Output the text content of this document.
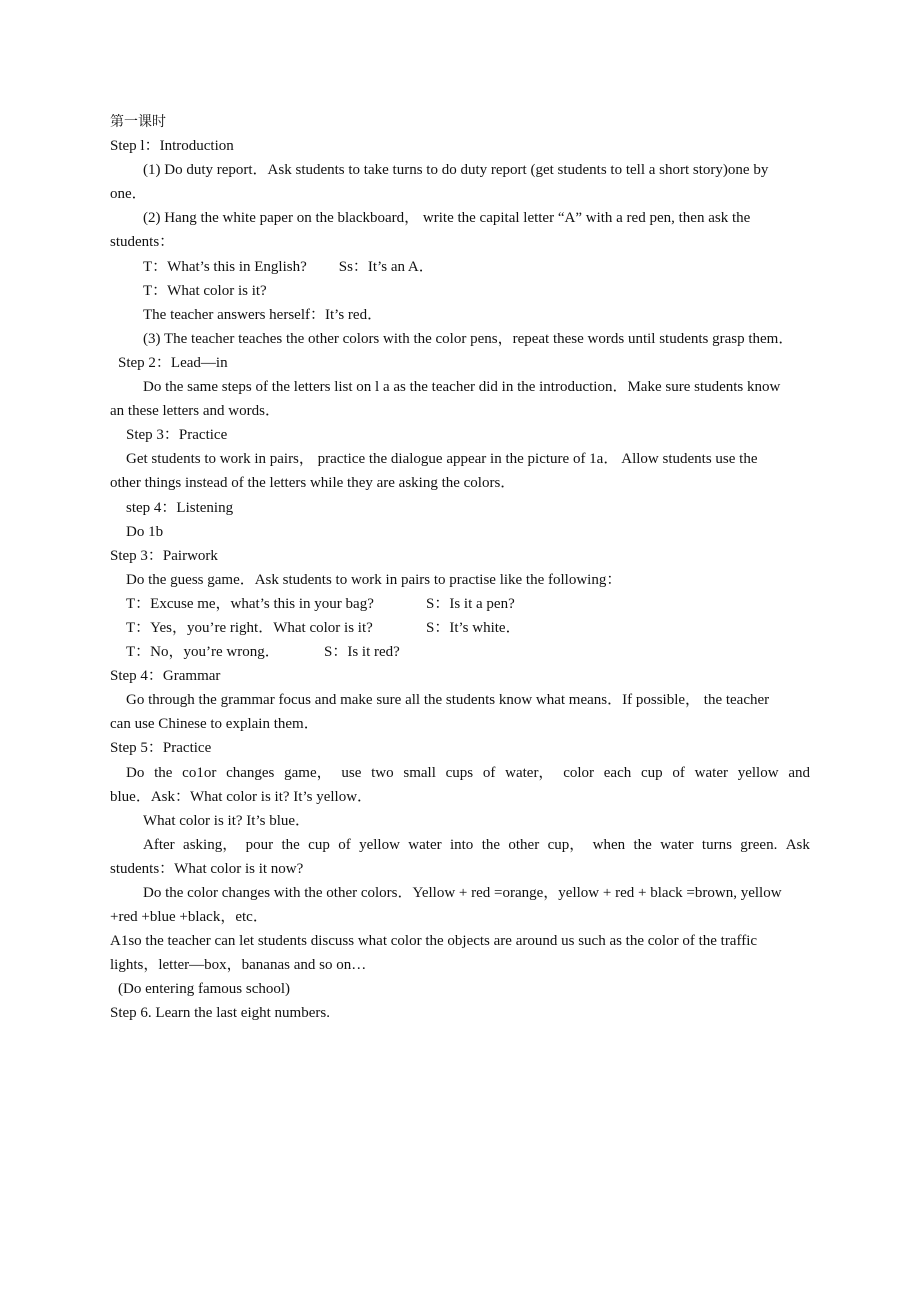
第一课时
Step l：Introduction
(1) Do duty report．Ask students to take turns to do duty report (get students to tell a short story)one by
one．
(2) Hang the white paper on the blackboard， write the capital letter “A” with a red pen, then ask the
students：
T：What’s this in English? Ss：It’s an A．
T：What color is it?
The teacher answers herself：It’s red．
(3) The teacher teaches the other colors with the color pens，repeat these words until students grasp them．
Step 2：Lead—in
Do the same steps of the letters list on l a as the teacher did in the introduction．Make sure students know
an these letters and words．
Step 3：Practice
Get students to work in pairs， practice the dialogue appear in the picture of 1a． Allow students use the
other things instead of the letters while they are asking the colors．
step 4：Listening
Do 1b
Step 3：Pairwork
Do the guess game．Ask students to work in pairs to practise like the following：
T：Excuse me，what’s this in your bag?	S：Is it a pen?
T：Yes，you’re right．What color is it?	S：It’s white．
T：No，you’re wrong．	S：Is it red?
Step 4：Grammar
Go through the grammar focus and make sure all the students know what means．If possible， the teacher
can use Chinese to explain them．
Step 5：Practice
Do the co1or changes game， use two small cups of water， color each cup of water yellow and
blue．Ask：What color is it? It’s yellow．
What color is it? It’s blue．
After asking， pour the cup of yellow water into the other cup， when the water turns green. Ask
students：What color is it now?
Do the color changes with the other colors．Yellow + red =orange，yellow + red + black =brown, yellow
+red +blue +black，etc．
A1so the teacher can let students discuss what color the objects are around us such as the color of the traffic
lights，letter—box，bananas and so on…
(Do entering famous school)
Step 6. Learn the last eight numbers.
